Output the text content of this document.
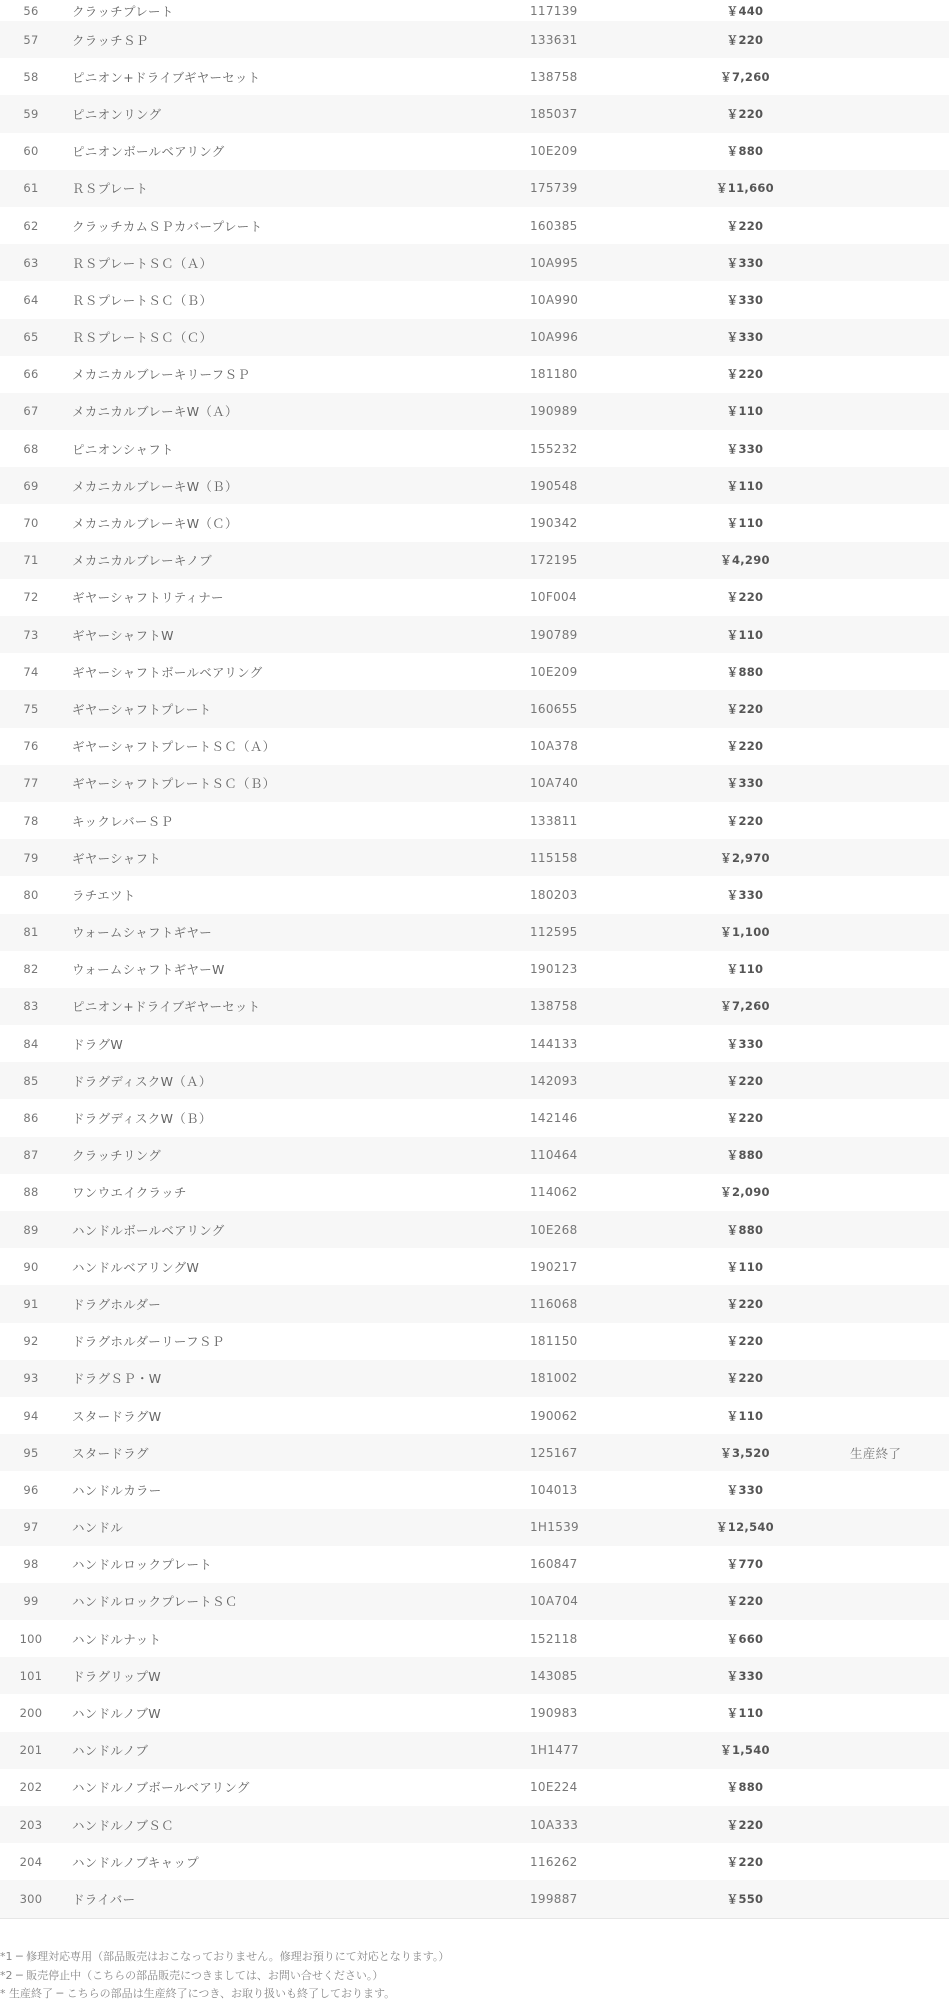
56	クラッチプレート	117139	￥440
57	クラッチＳＰ	133631	￥220
58	ピニオン+ドライブギヤーセット	138758	￥7,260
59	ピニオンリング	185037	￥220
60	ピニオンボールベアリング	10E209	￥880
61	ＲＳプレート	175739	￥11,660
62	クラッチカムＳＰカバープレート	160385	￥220
63	ＲＳプレートＳＣ（Ａ）	10A995	￥330
64	ＲＳプレートＳＣ（Ｂ）	10A990	￥330
65	ＲＳプレートＳＣ（Ｃ）	10A996	￥330
66	メカニカルブレーキリーフＳＰ	181180	￥220
67	メカニカルブレーキW（Ａ）	190989	￥110
68	ピニオンシャフト	155232	￥330
69	メカニカルブレーキW（Ｂ）	190548	￥110
70	メカニカルブレーキW（Ｃ）	190342	￥110
71	メカニカルブレーキノブ	172195	￥4,290
72	ギヤーシャフトリティナー	10F004	￥220
73	ギヤーシャフトW	190789	￥110
74	ギヤーシャフトボールベアリング	10E209	￥880
75	ギヤーシャフトプレート	160655	￥220
76	ギヤーシャフトプレートＳＣ（Ａ）	10A378	￥220
77	ギヤーシャフトプレートＳＣ（Ｂ）	10A740	￥330
78	キックレバーＳＰ	133811	￥220
79	ギヤーシャフト	115158	￥2,970
80	ラチエツト	180203	￥330
81	ウォームシャフトギヤー	112595	￥1,100
82	ウォームシャフトギヤーW	190123	￥110
83	ピニオン+ドライブギヤーセット	138758	￥7,260
84	ドラグW	144133	￥330
85	ドラグディスクW（Ａ）	142093	￥220
86	ドラグディスクW（Ｂ）	142146	￥220
87	クラッチリング	110464	￥880
88	ワンウエイクラッチ	114062	￥2,090
89	ハンドルボールベアリング	10E268	￥880
90	ハンドルベアリングW	190217	￥110
91	ドラグホルダー	116068	￥220
92	ドラグホルダーリーフＳＰ	181150	￥220
93	ドラグＳＰ・W	181002	￥220
94	スタードラグW	190062	￥110
95	スタードラグ	125167	￥3,520	生産終了
96	ハンドルカラー	104013	￥330
97	ハンドル	1H1539	￥12,540
98	ハンドルロックプレート	160847	￥770
99	ハンドルロックプレートＳＣ	10A704	￥220
100	ハンドルナット	152118	￥660
101	ドラグリップW	143085	￥330
200	ハンドルノブW	190983	￥110
201	ハンドルノブ	1H1477	￥1,540
202	ハンドルノブボールベアリング	10E224	￥880
203	ハンドルノブＳＣ	10A333	￥220
204	ハンドルノブキャップ	116262	￥220
300	ドライバー	199887	￥550
*1 ─ 修理対応専用（部品販売はおこなっておりません。修理お預りにて対応となります。）
*2 ─ 販売停止中（こちらの部品販売につきましては、お問い合せください。）
* 生産終了 ─ こちらの部品は生産終了につき、お取り扱いも終了しております。
